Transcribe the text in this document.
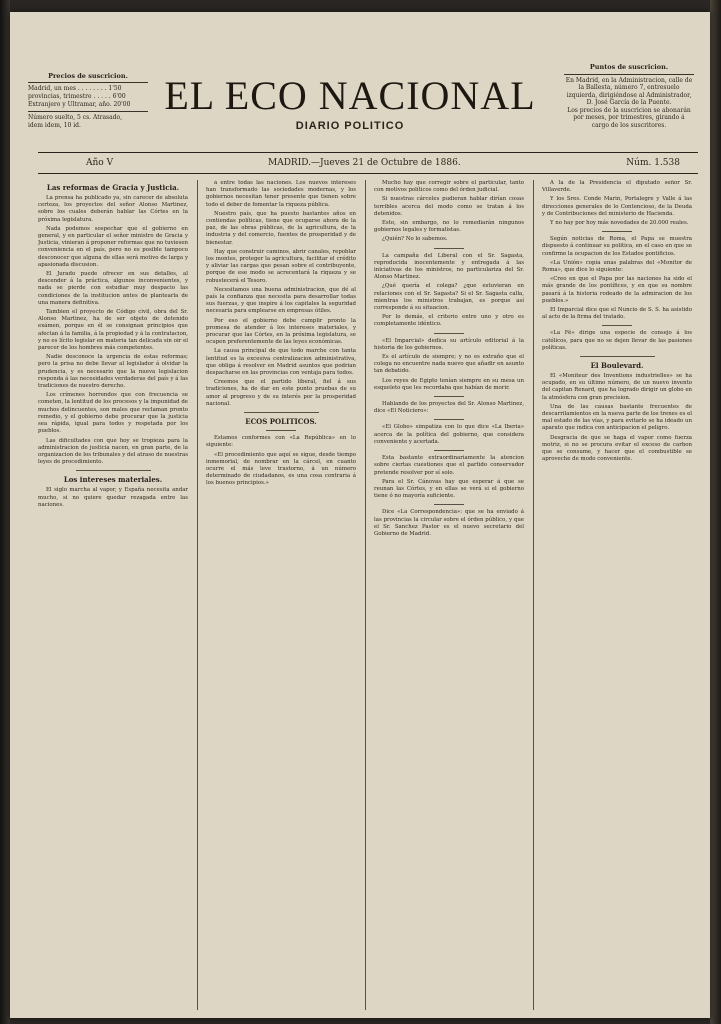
Precios de suscricion.
Madrid, un mes . . . . . . . . 1'50
provincias, trimestre . . . . . 6'00
Extranjero y Ultramar, año. 20'00
Número suelto, 5 cs. Atrasado,
idem idem, 10 id.
EL ECO NACIONAL
DIARIO POLITICO
Puntos de suscricion.
En Madrid, en la Administracion, calle de la Ballesta, número 7, entresuelo izquierda, dirigiéndose al Administrador, D. José García de la Puente.
Los precios de la suscricion se abonarán por meses, por trimestres, girando á cargo de los suscritores.
Año V	MADRID.—Jueves 21 de Octubre de 1886.	Núm. 1.538
Las reformas de Gracia y Justicia.

La prensa ha publicado ya, sin carecer de absoluta certeza, los proyectos del señor Alonso Martinez, sobre los cuales deberán hablar las Córtes en la próxima legislatura.

Nada podemos sospechar que el gobierno en general, y en particular el señor ministro de Gracia y Justicia, vinieran á proponer reformas que no tuviesen conveniencia en el país, pero no es posible tampoco desconocer que alguna de ellas será motivo de larga y apasionada discusion.

El Jurado puede ofrecer en sus detalles, al descender á la práctica, algunos inconvenientes, y nada se pierde con estudiar muy despacio las condiciones de la institucion antes de plantearla de una manera definitiva.

Tambien el proyecto de Código civil, obra del Sr. Alonso Martinez, ha de ser objeto de detenido exámen, porque en él se consignan principios que afectan á la familia, á la propiedad y á la contratacion, y no es lícito legislar en materia tan delicada sin oir el parecer de los hombres más competentes.

Nadie desconoce la urgencia de estas reformas; pero la prisa no debe llevar al legislador á olvidar la prudencia, y es necesario que la nueva legislacion responda á las necesidades verdaderas del país y á las tradiciones de nuestro derecho.

Los crímenes horrendos que con frecuencia se cometen, la lentitud de los procesos y la impunidad de muchos delincuentes, son males que reclaman pronto remedio, y el gobierno debe procurar que la justicia sea rápida, igual para todos y respetada por los pueblos.

Las dificultades con que hoy se tropieza para la administracion de justicia nacen, en gran parte, de la organizacion de los tribunales y del atraso de nuestras leyes de procedimiento.

Los intereses materiales.

El siglo marcha al vapor, y España necesita andar mucho, si no quiere quedar rezagada entre las naciones.

á entre todas las naciones. Los nuevos intereses han transformado las sociedades modernas, y los gobiernos necesitan tener presente que tienen sobre todo el deber de fomentar la riqueza pública.

Nuestro país, que ha puesto bastantes años en contiendas políticas, tiene que ocuparse ahora de la paz, de las obras públicas, de la agricultura, de la industria y del comercio, fuentes de prosperidad y de bienestar.

Hay que construir caminos, abrir canales, repoblar los montes, proteger la agricultura, facilitar el crédito y aliviar las cargas que pesan sobre el contribuyente, porque de ese modo se acrecentará la riqueza y se robustecerá el Tesoro.

Necesitamos una buena administracion, que dé al país la confianza que necesita para desarrollar todas sus fuerzas, y que inspire á los capitales la seguridad necesaria para emplearse en empresas útiles.

Por eso el gobierno debe cumplir pronto la promesa de atender á los intereses materiales, y procurar que las Córtes, en la próxima legislatura, se ocupen preferentemente de las leyes económicas.

La causa principal de que todo marche con tanta lentitud es la excesiva centralizacion administrativa, que obliga á resolver en Madrid asuntos que podrian despacharse en las provincias con ventaja para todos.

Creemos que el partido liberal, fiel á sus tradiciones, ha de dar en este punto pruebas de su amor al progreso y de su interés por la prosperidad nacional.

ECOS POLITICOS.

Estamos conformes con «La República» en lo siguiente:

«El procedimiento que aquí se sigue, desde tiempo inmemorial, de nombrar en la cárcel, en cuanto ocurre el más leve trastorno, á un número determinado de ciudadanos, es una cosa contraria á los buenos principios.»

Mucho hay que corregir sobre el particular, tanto con motivos políticos como del órden judicial.

Si nuestras cárceles pudieran hablar dirían cosas terribles acerca del modo como se tratan á los detenidos.

Esto, sin embargo, no lo remediarán ningunos gobiernos legales y formalistas.

¿Quién? No lo sabemos.

La campaña del Liberal con el Sr. Sagasta, reproducida inocentemente y entregada á las iniciativas de los ministros, no particulariza del Sr. Alonso Martinez.

¿Qué quería el colega? ¿que estuvieran en relaciones con el Sr. Sagasta? Si el Sr. Sagasta calla, mientras los ministros trabajan, es porque así corresponde á su situacion.

Por lo demás, el criterio entre uno y otro es completamente idéntico.

«El Imparcial» dedica su artículo editorial á la historia de los gobiernos.

Es el artículo de siempre; y no es extraño que el colega no encuentre nada nuevo que añadir en asunto tan debatido.

Los reyes de Egipto tenían siempre en su mesa un esqueleto que les recordaba que habían de morir.

Hablando de los proyectos del Sr. Alonso Martinez, dice «El Noticiero»:

«El Globo» simpatiza con lo que dice «La Iberia» acerca de la política del gobierno, que considera conveniente y acertada.

Esta bastante extraordinariamente la atencion sobre ciertas cuestiones que el partido conservador pretende resolver por sí solo.

Para el Sr. Cánovas hay que esperar á que se reunan las Córtes, y en ellas se verá si el gobierno tiene ó no mayoría suficiente.

Dice «La Correspondencia»: que se ha enviado á las provincias la circular sobre el órden público, y que el Sr. Sanchez Pastor es el nuevo secretario del Gobierno de Madrid.

A la de la Presidencia el diputado señor Sr. Villaverde.

Y los Sres. Conde Marin, Portalegre y Valle á las direcciones generales de lo Contencioso, de la Deuda y de Contribuciones del ministerio de Hacienda.

Y no hay por hoy más novedades de 20.000 reales.

Según noticias de Roma, el Papa se muestra dispuesto á continuar su politica, en el caso en que se confirme la ocupacion de los Estados pontificios.

«La Unión» copia unas palabras del «Monitor de Roma», que dice lo siguiente:

«Creo en que el Papa por las naciones ha sido el más grande de los pontífices, y en que su nombre pasará á la historia rodeado de la admiracion de los pueblos.»

El Imparcial dice que el Nuncio de S. S. ha asistido al acto de la firma del tratado.

«La Fé» dirige una especie de consejo á los católicos, para que no se dejen llevar de las pasiones políticas.

El Boulevard.

El «Moniteur des Inventions industrielles» se ha ocupado, en su último número, de un nuevo invento del capitan Renard, que ha logrado dirigir un globo en la atmósfera con gran precision.

Una de las causas bastante frecuentes de descarrilamientos en la nueva parte de los trenes es el mal estado de las vías, y para evitarlo se ha ideado un aparato que indica con anticipacion el peligro.

Desgracia de que se haga el vapor como fuerza motriz, si no se procura evitar el exceso de carbon que se consume, y hacer que el combustible se aproveche de modo conveniente.
